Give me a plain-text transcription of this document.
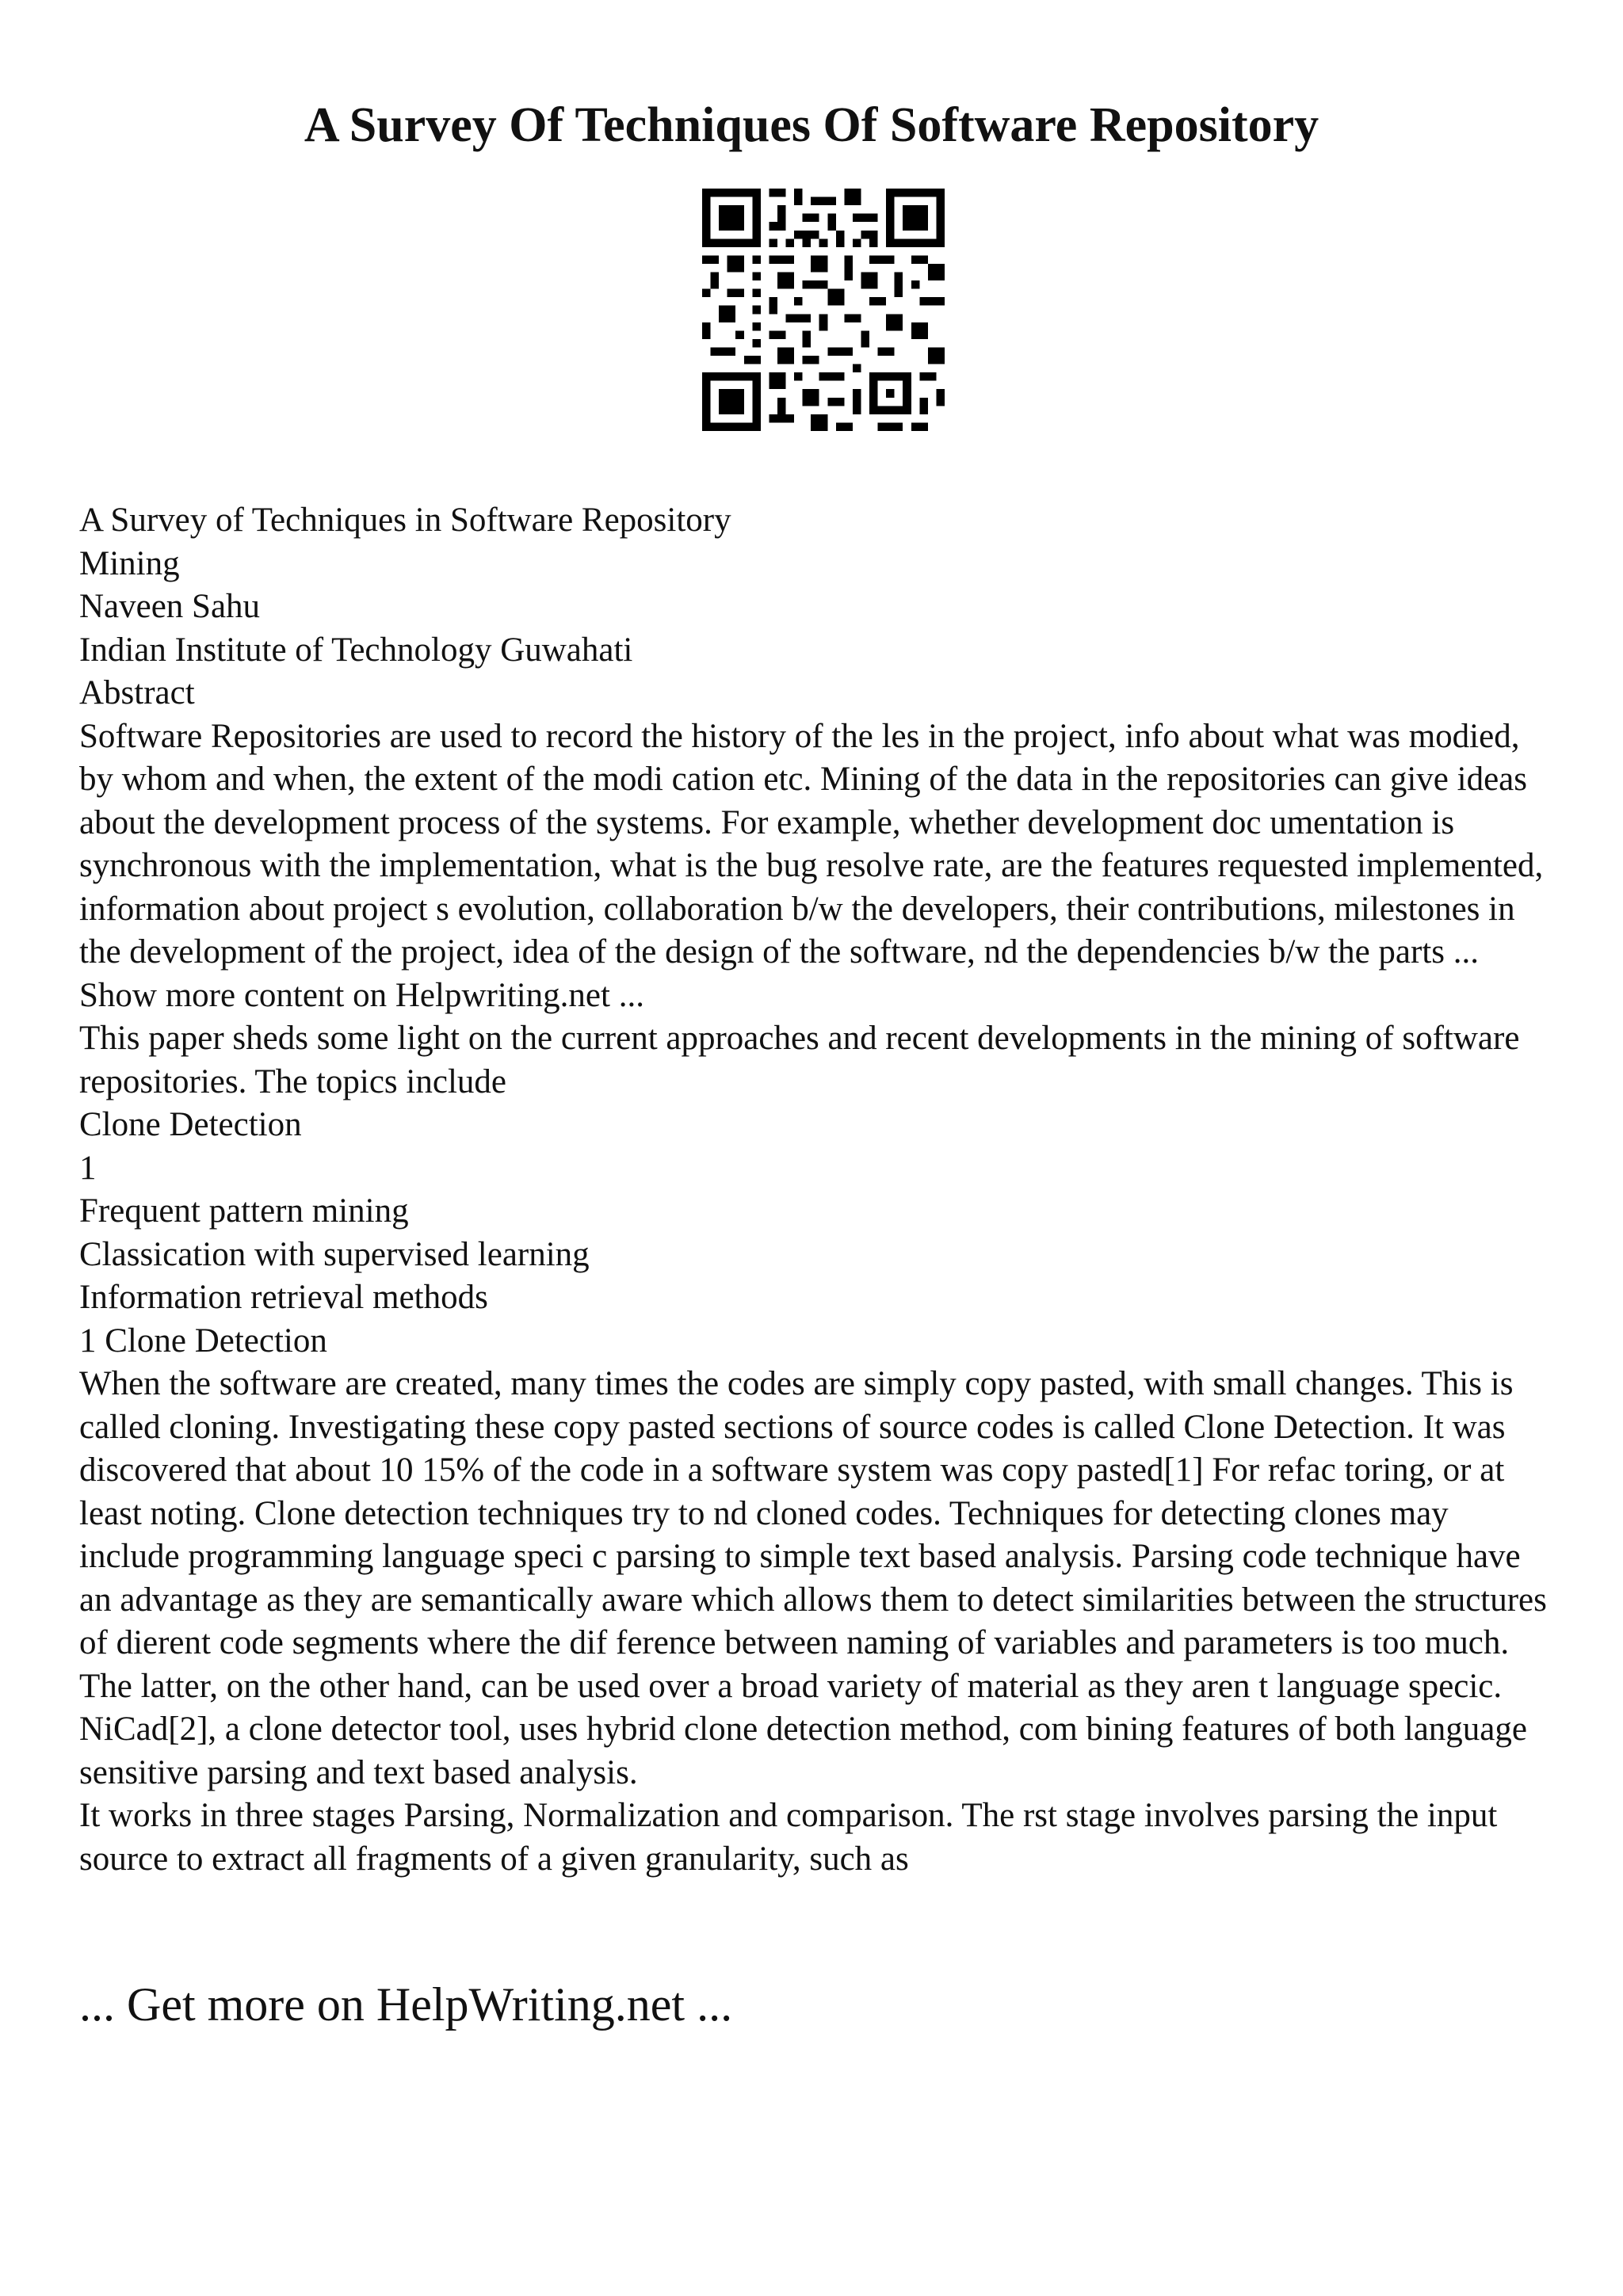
A Survey Of Techniques Of Software Repository
A Survey of Techniques in Software Repository
Mining
Naveen Sahu
Indian Institute of Technology Guwahati
Abstract
Software Repositories are used to record the history of the les in the project, info about what was modied, by whom and when, the extent of the modi cation etc. Mining of the data in the repositories can give ideas about the development process of the systems. For example, whether development doc umentation is synchronous with the implementation, what is the bug resolve rate, are the features requested implemented, information about project s evolution, collaboration b/w the developers, their contributions, milestones in the development of the project, idea of the design of the software, nd the dependencies b/w the parts ... Show more content on Helpwriting.net ...
This paper sheds some light on the current approaches and recent developments in the mining of software repositories. The topics include
Clone Detection
1
Frequent pattern mining
Classication with supervised learning
Information retrieval methods
1 Clone Detection
When the software are created, many times the codes are simply copy pasted, with small changes. This is called cloning. Investigating these copy pasted sections of source codes is called Clone Detection. It was discovered that about 10 15% of the code in a software system was copy pasted[1] For refac toring, or at least noting. Clone detection techniques try to nd cloned codes. Techniques for detecting clones may include programming language speci c parsing to simple text based analysis. Parsing code technique have an advantage as they are semantically aware which allows them to detect similarities between the structures of dierent code segments where the dif ference between naming of variables and parameters is too much. The latter, on the other hand, can be used over a broad variety of material as they aren t language specic.
NiCad[2], a clone detector tool, uses hybrid clone detection method, com bining features of both language sensitive parsing and text based analysis.
It works in three stages Parsing, Normalization and comparison. The rst stage involves parsing the input source to extract all fragments of a given granularity, such as
... Get more on HelpWriting.net ...
